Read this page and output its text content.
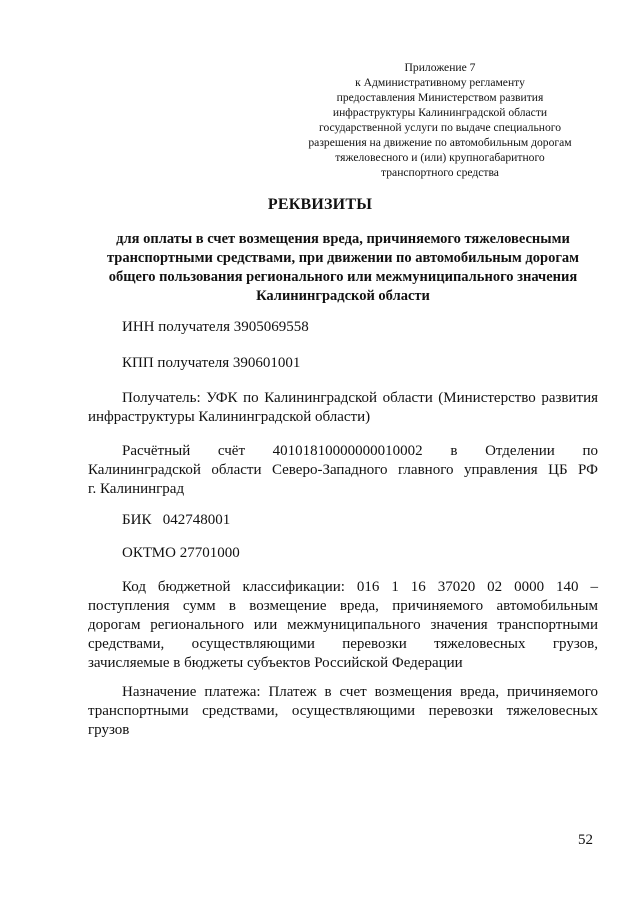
Приложение 7
к Административному регламенту
предоставления Министерством развития
инфраструктуры Калининградской области
государственной услуги по выдаче специального
разрешения на движение по автомобильным дорогам
тяжеловесного и (или) крупногабаритного
транспортного средства
РЕКВИЗИТЫ
для оплаты в счет возмещения вреда, причиняемого тяжеловесными
транспортными средствами, при движении по автомобильным дорогам
общего пользования регионального или межмуниципального значения
Калининградской области
ИНН получателя 3905069558
КПП получателя 390601001
Получатель: УФК по Калининградской области (Министерство развития
инфраструктуры Калининградской области)
Расчётный счёт 40101810000000010002 в Отделении по
Калининградской области Северо-Западного главного управления ЦБ РФ
г. Калининград
БИК   042748001
ОКТМО 27701000
Код бюджетной классификации: 016 1 16 37020 02 0000 140 –
поступления сумм в возмещение вреда, причиняемого автомобильным
дорогам регионального или межмуниципального значения транспортными
средствами, осуществляющими перевозки тяжеловесных грузов,
зачисляемые в бюджеты субъектов Российской Федерации
Назначение платежа: Платеж в счет возмещения вреда, причиняемого
транспортными средствами, осуществляющими перевозки тяжеловесных
грузов
52
